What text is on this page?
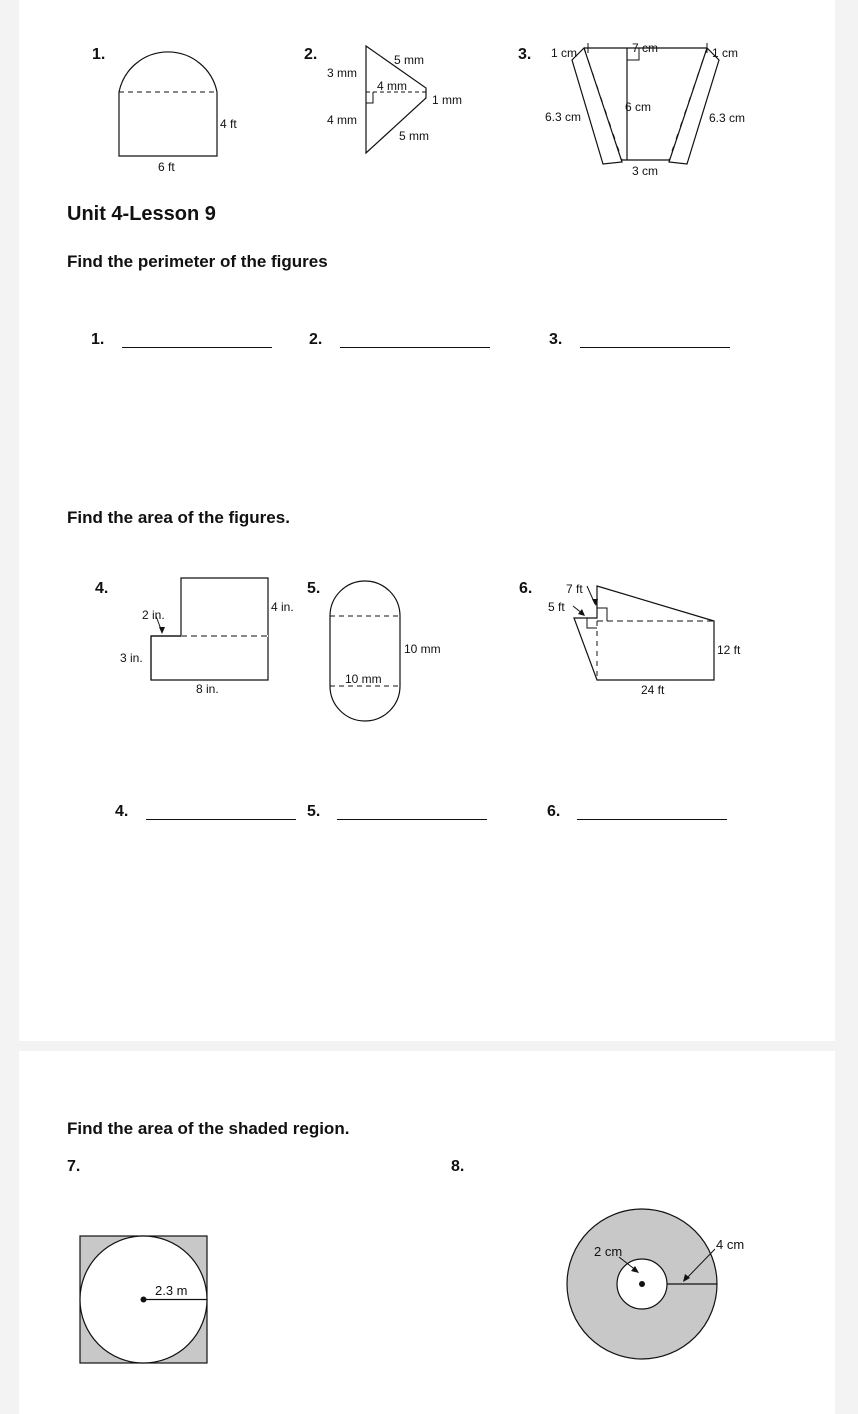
1.
4 ft
6 ft
2.
3 mm
5 mm
4 mm
1 mm
4 mm
5 mm
3. 1 cm	7 cm	1 cm
6.3 cm
6 cm
6.3 cm
3 cm
Unit 4-Lesson 9
Find the perimeter of the figures
1.	2.	3.
Find the area of the figures.
4.
2 in.
4 in.
3 in.
8 in.
5.
10 mm
10 mm
6.	7 ft
5 ft
12 ft
24 ft
4.	5.	6.
Find the area of the shaded region.
7.	8.
2.3 m
2 cm	4 cm
